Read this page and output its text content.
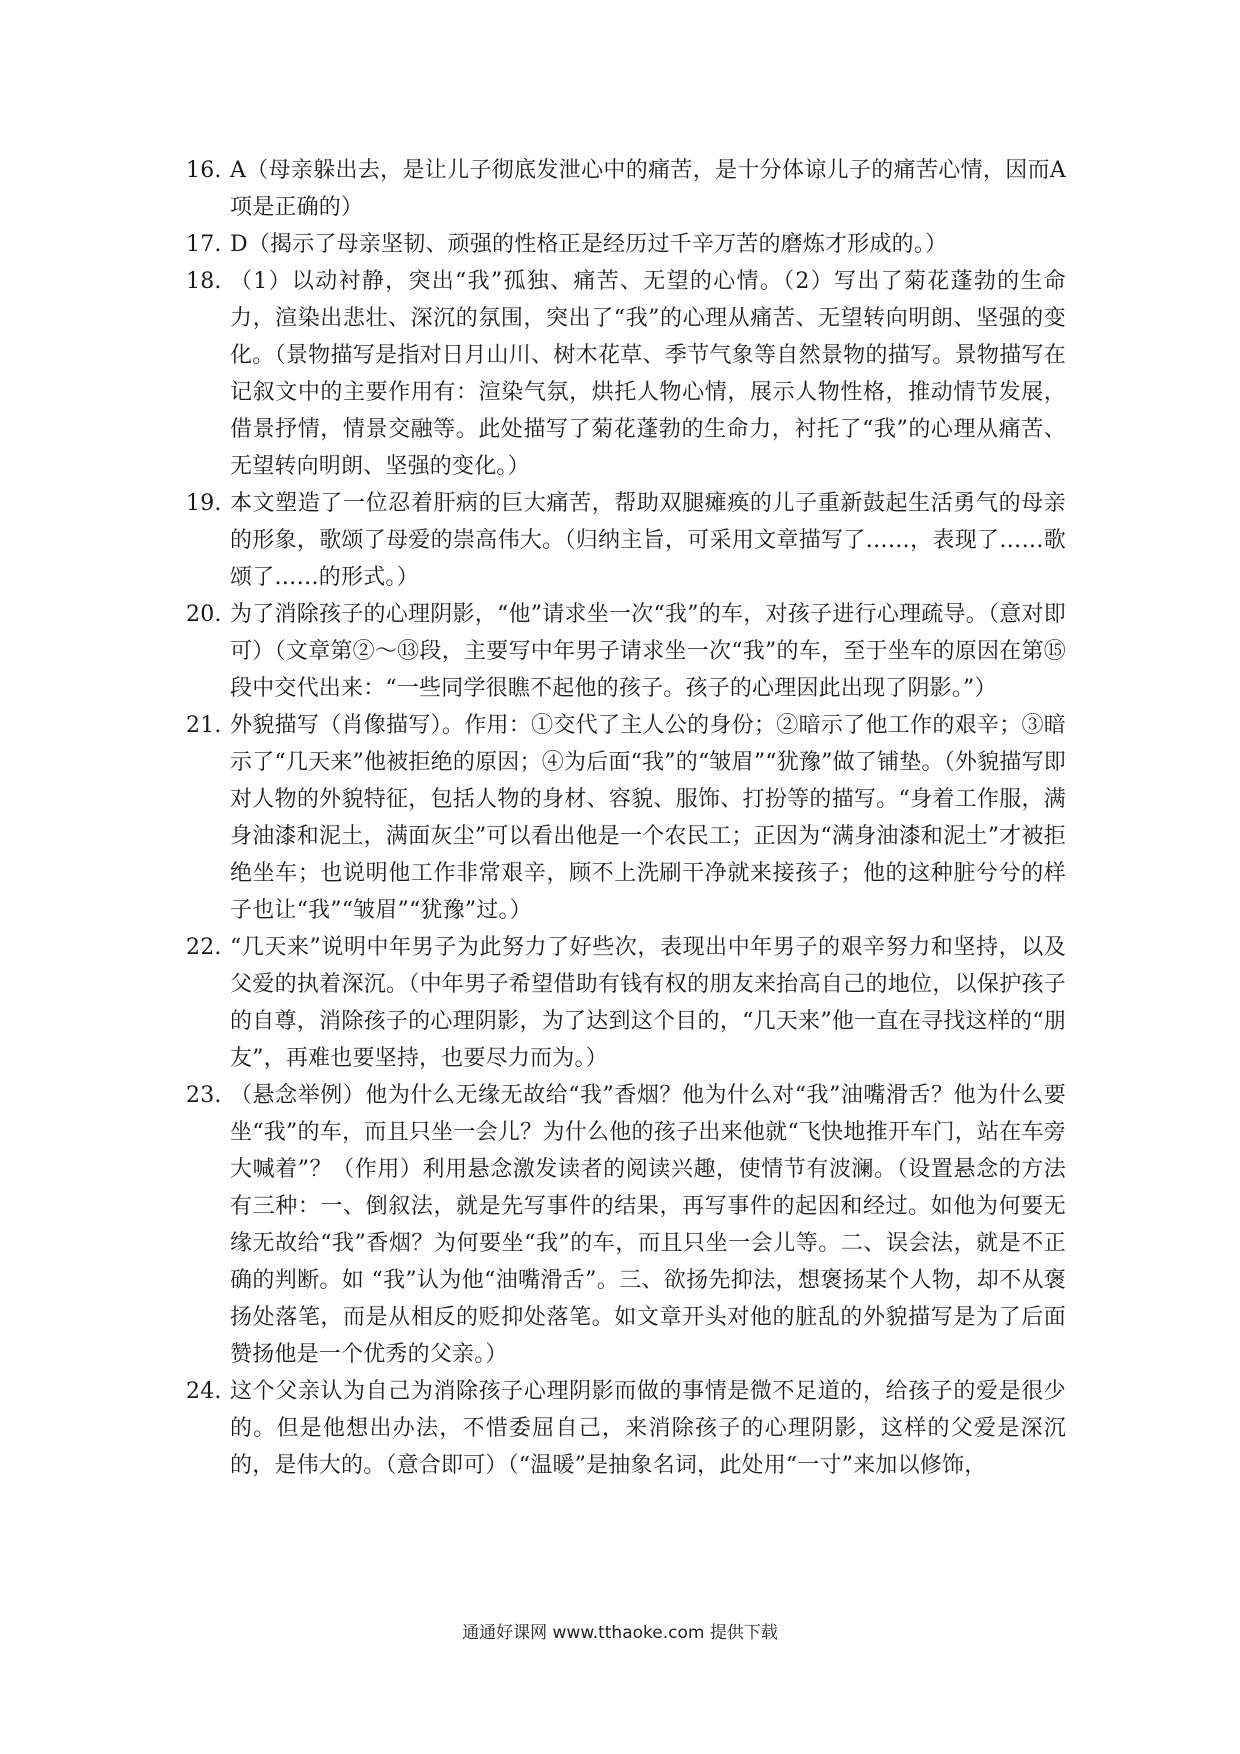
16. A（母亲躲出去，是让儿子彻底发泄心中的痛苦，是十分体谅儿子的痛苦心情，因而A项是正确的）
17. D（揭示了母亲坚韧、顽强的性格正是经历过千辛万苦的磨炼才形成的。）
18. （1）以动衬静，突出“我”孤独、痛苦、无望的心情。（2）写出了菊花蓬勃的生命力，渲染出悲壮、深沉的氛围，突出了“我”的心理从痛苦、无望转向明朗、坚强的变化。（景物描写是指对日月山川、树木花草、季节气象等自然景物的描写。景物描写在记叙文中的主要作用有：渲染气氛，烘托人物心情，展示人物性格，推动情节发展，借景抒情，情景交融等。此处描写了菊花蓬勃的生命力，衬托了“我”的心理从痛苦、无望转向明朗、坚强的变化。）
19. 本文塑造了一位忍着肝病的巨大痛苦，帮助双腿瘫痪的儿子重新鼓起生活勇气的母亲的形象，歌颂了母爱的崇高伟大。（归纳主旨，可采用文章描写了……，表现了……歌颂了……的形式。）
20. 为了消除孩子的心理阴影，“他”请求坐一次“我”的车，对孩子进行心理疏导。（意对即可）（文章第②～⑬段，主要写中年男子请求坐一次“我”的车，至于坐车的原因在第⑮段中交代出来：“一些同学很瞧不起他的孩子。孩子的心理因此出现了阴影。”）
21. 外貌描写（肖像描写）。作用：①交代了主人公的身份；②暗示了他工作的艰辛；③暗示了“几天来”他被拒绝的原因；④为后面“我”的“皱眉”“犹豫”做了铺垫。（外貌描写即对人物的外貌特征，包括人物的身材、容貌、服饰、打扮等的描写。“身着工作服，满身油漆和泥土，满面灰尘”可以看出他是一个农民工；正因为“满身油漆和泥土”才被拒绝坐车；也说明他工作非常艰辛，顾不上洗刷干净就来接孩子；他的这种脏兮兮的样子也让“我”“皱眉”“犹豫”过。）
22. “几天来”说明中年男子为此努力了好些次，表现出中年男子的艰辛努力和坚持，以及父爱的执着深沉。（中年男子希望借助有钱有权的朋友来抬高自己的地位，以保护孩子的自尊，消除孩子的心理阴影，为了达到这个目的，“几天来”他一直在寻找这样的“朋友”，再难也要坚持，也要尽力而为。）
23. （悬念举例）他为什么无缘无故给“我”香烟？他为什么对“我”油嘴滑舌？他为什么要坐“我”的车，而且只坐一会儿？为什么他的孩子出来他就“飞快地推开车门，站在车旁大喊着”？（作用）利用悬念激发读者的阅读兴趣，使情节有波澜。（设置悬念的方法有三种：一、倒叙法，就是先写事件的结果，再写事件的起因和经过。如他为何要无缘无故给“我”香烟？为何要坐“我”的车，而且只坐一会儿等。二、误会法，就是不正确的判断。如 “我”认为他“油嘴滑舌”。三、欲扬先抑法，想褒扬某个人物，却不从褒扬处落笔，而是从相反的贬抑处落笔。如文章开头对他的脏乱的外貌描写是为了后面赞扬他是一个优秀的父亲。）
24. 这个父亲认为自己为消除孩子心理阴影而做的事情是微不足道的，给孩子的爱是很少的。但是他想出办法，不惜委屈自己，来消除孩子的心理阴影，这样的父爱是深沉的，是伟大的。（意合即可）（“温暖”是抽象名词，此处用“一寸”来加以修饰，
通通好课网 www.tthaoke.com 提供下载
